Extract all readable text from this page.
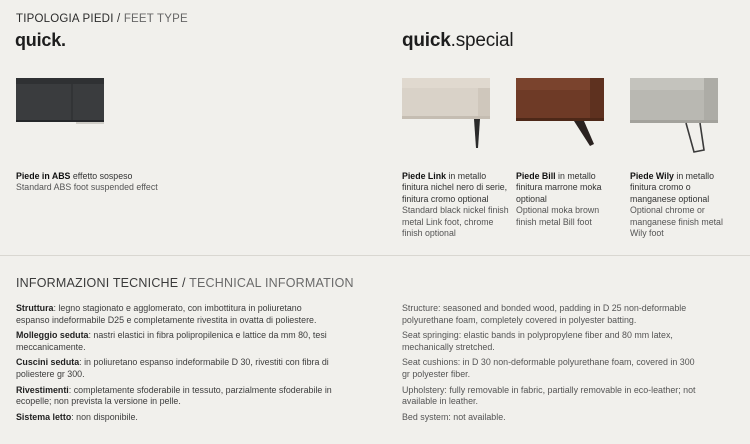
TIPOLOGIA PIEDI / FEET TYPE
quick.	quick.special
Piede in ABS effetto sospeso
Standard ABS foot suspended effect
Piede Link in metallo finitura nichel nero di serie, finitura cromo optional
Standard black nickel finish metal Link foot, chrome finish optional
Piede Bill in metallo finitura marrone moka optional
Optional moka brown finish metal Bill foot
Piede Wily in metallo finitura cromo o manganese optional
Optional chrome or manganese finish metal Wily foot
INFORMAZIONI TECNICHE / TECHNICAL INFORMATION

Struttura: legno stagionato e agglomerato, con imbottitura in poliuretano espanso indeformabile D25 e completamente rivestita in ovatta di poliestere.

Molleggio seduta: nastri elastici in fibra polipropilenica e lattice da mm 80, tesi meccanicamente.

Cuscini seduta: in poliuretano espanso indeformabile D 30, rivestiti con fibra di poliestere gr 300.

Rivestimenti: completamente sfoderabile in tessuto, parzialmente sfoderabile in ecopelle; non prevista la versione in pelle.

Sistema letto: non disponibile.

Structure: seasoned and bonded wood, padding in D 25 non-deformable polyurethane foam, completely covered in polyester batting.

Seat springing: elastic bands in polypropylene fiber and 80 mm latex, mechanically stretched.

Seat cushions: in D 30 non-deformable polyurethane foam, covered in 300 gr polyester fiber.

Upholstery: fully removable in fabric, partially removable in eco-leather; not available in leather.

Bed system: not available.
